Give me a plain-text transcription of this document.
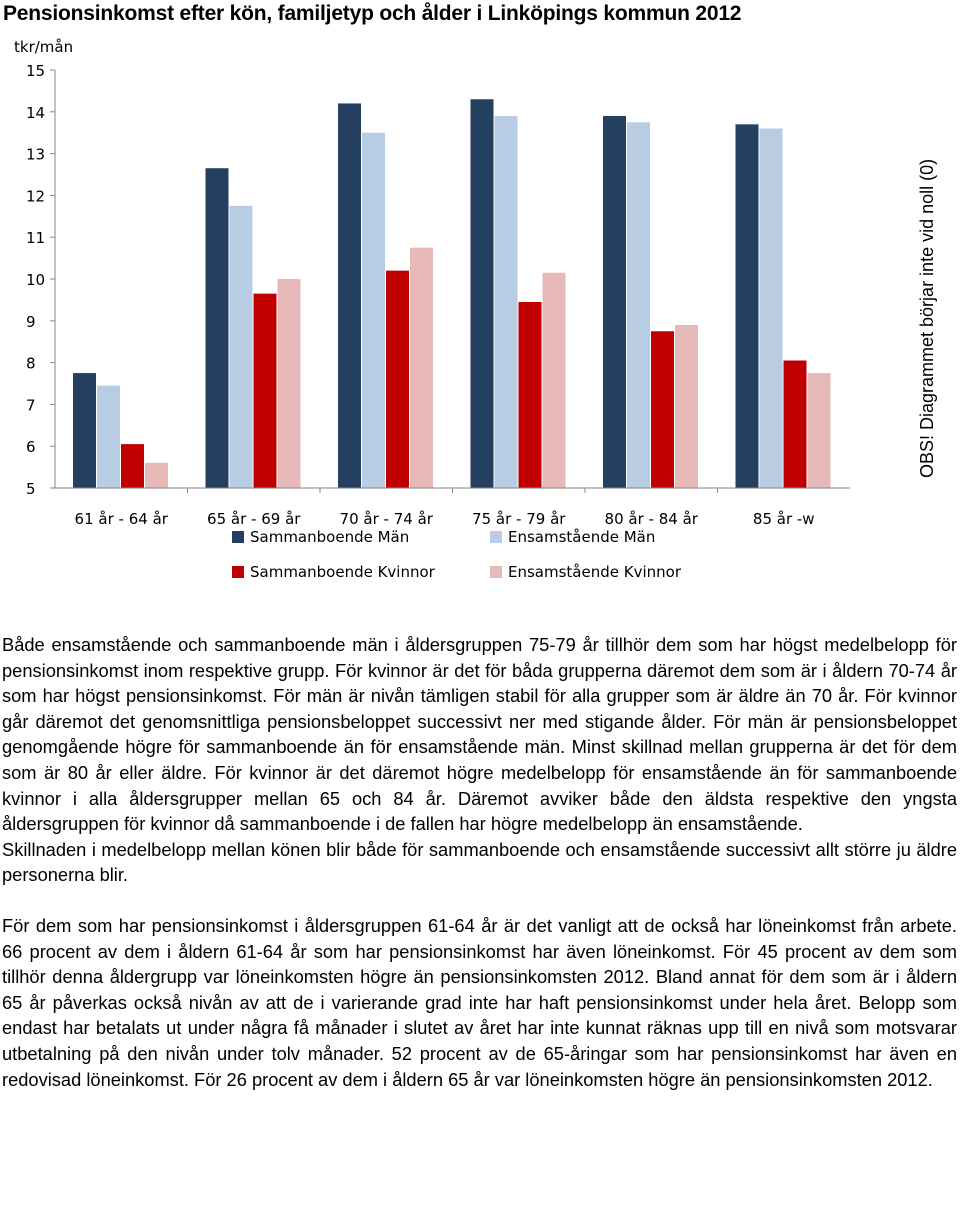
Pensionsinkomst efter kön, familjetyp och ålder i Linköpings kommun 2012
tkr/mån
15
14
13
12
11
10
9
8
7
6
5
61 år - 64 år	65 år - 69 år	70 år - 74 år	75 år - 79 år	80 år - 84 år	85 år -w
Sammanboende Män	Ensamstående Män
Sammanboende Kvinnor	Ensamstående Kvinnor
OBS! Diagrammet börjar inte vid noll (0)

Både ensamstående och sammanboende män i åldersgruppen 75-79 år tillhör dem som har högst medelbelopp för pensionsinkomst inom respektive grupp. För kvinnor är det för båda grupperna däremot dem som är i åldern 70-74 år som har högst pensionsinkomst. För män är nivån tämligen stabil för alla grupper som är äldre än 70 år. För kvinnor går däremot det genomsnittliga pensionsbeloppet successivt ner med stigande ålder. För män är pensionsbeloppet genomgående högre för sammanboende än för ensamstående män. Minst skillnad mellan grupperna är det för dem som är 80 år eller äldre. För kvinnor är det däremot högre medelbelopp för ensamstående än för sammanboende kvinnor i alla åldersgrupper mellan 65 och 84 år. Däremot avviker både den äldsta respektive den yngsta åldersgruppen för kvinnor då sammanboende i de fallen har högre medelbelopp än ensamstående.

Skillnaden i medelbelopp mellan könen blir både för sammanboende och ensamstående successivt allt större ju äldre personerna blir.

För dem som har pensionsinkomst i åldersgruppen 61-64 år är det vanligt att de också har löneinkomst från arbete. 66 procent av dem i åldern 61-64 år som har pensionsinkomst har även löneinkomst. För 45 procent av dem som tillhör denna åldergrupp var löneinkomsten högre än pensionsinkomsten 2012. Bland annat för dem som är i åldern 65 år påverkas också nivån av att de i varierande grad inte har haft pensionsinkomst under hela året. Belopp som endast har betalats ut under några få månader i slutet av året har inte kunnat räknas upp till en nivå som motsvarar utbetalning på den nivån under tolv månader. 52 procent av de 65-åringar som har pensionsinkomst har även en redovisad löneinkomst. För 26 procent av dem i åldern 65 år var löneinkomsten högre än pensionsinkomsten 2012.
